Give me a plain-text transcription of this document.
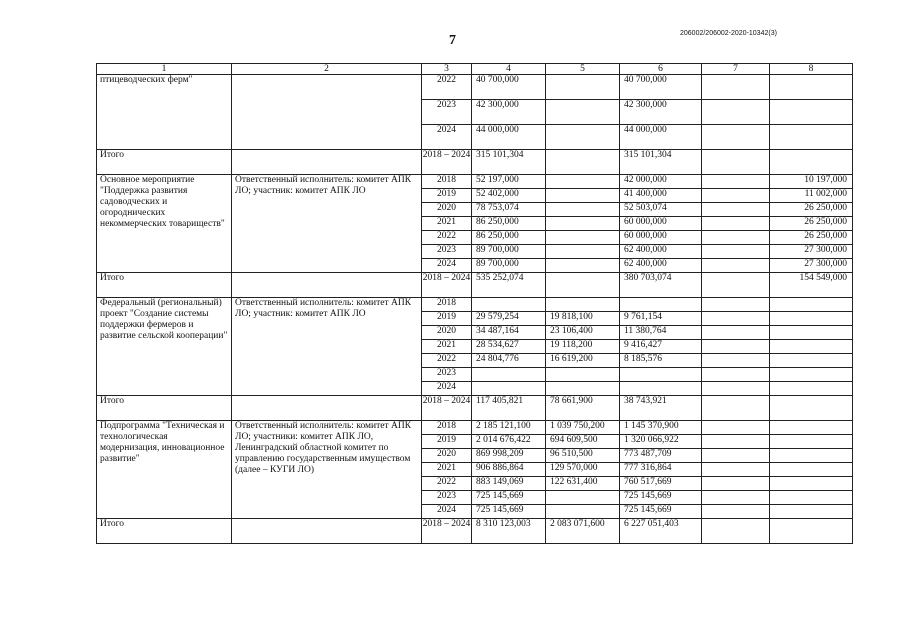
7	206002/206002-2020-10342(3)
1	2	3	4	5	6	7	8
птицеводческих ферм"		2022	40 700,000		40 700,000		
		2023	42 300,000		42 300,000		
		2024	44 000,000		44 000,000		
Итого		2018 – 2024	315 101,304		315 101,304		
Основное мероприятие "Поддержка развития садоводческих и огороднических некоммерческих товариществ"	Ответственный исполнитель: комитет АПК ЛО; участник: комитет АПК ЛО	2018	52 197,000		42 000,000		10 197,000
		2019	52 402,000		41 400,000		11 002,000
		2020	78 753,074		52 503,074		26 250,000
		2021	86 250,000		60 000,000		26 250,000
		2022	86 250,000		60 000,000		26 250,000
		2023	89 700,000		62 400,000		27 300,000
		2024	89 700,000		62 400,000		27 300,000
Итого		2018 – 2024	535 252,074		380 703,074		154 549,000
Федеральный (региональный) проект "Создание системы поддержки фермеров и развитие сельской кооперации"	Ответственный исполнитель: комитет АПК ЛО; участник: комитет АПК ЛО	2018					
		2019	29 579,254	19 818,100	9 761,154		
		2020	34 487,164	23 106,400	11 380,764		
		2021	28 534,627	19 118,200	9 416,427		
		2022	24 804,776	16 619,200	8 185,576		
		2023					
		2024					
Итого		2018 – 2024	117 405,821	78 661,900	38 743,921		
Подпрограмма "Техническая и технологическая модернизация, инновационное развитие"	Ответственный исполнитель: комитет АПК ЛО; участники: комитет АПК ЛО, Ленинградский областной комитет по управлению государственным имуществом (далее – КУГИ ЛО)	2018	2 185 121,100	1 039 750,200	1 145 370,900		
		2019	2 014 676,422	694 609,500	1 320 066,922		
		2020	869 998,209	96 510,500	773 487,709		
		2021	906 886,864	129 570,000	777 316,864		
		2022	883 149,069	122 631,400	760 517,669		
		2023	725 145,669		725 145,669		
		2024	725 145,669		725 145,669		
Итого		2018 – 2024	8 310 123,003	2 083 071,600	6 227 051,403		
